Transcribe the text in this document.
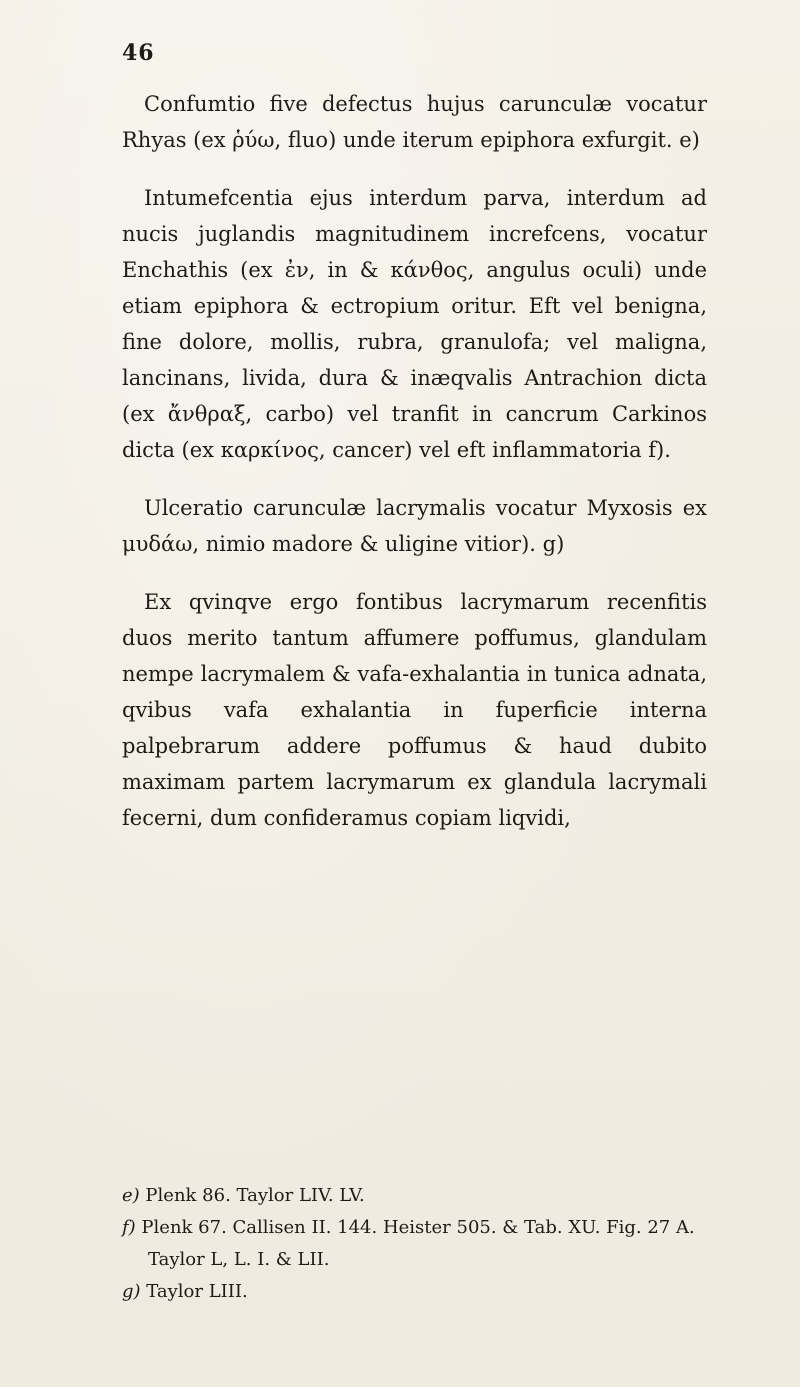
46

Confumtio five defectus hujus carunculæ vocatur Rhyas (ex ῥύω, fluo) unde iterum epiphora exfurgit. e)

Intumefcentia ejus interdum parva, interdum ad nucis juglandis magnitudinem increfcens, vocatur Enchathis (ex ἐν, in & κάνθος, angulus oculi) unde etiam epiphora & ectropium oritur. Eft vel benigna, fine dolore, mollis, rubra, granulofa; vel maligna, lancinans, livida, dura & inæqvalis Antrachion dicta (ex ἄνθραξ, carbo) vel tranfit in cancrum Carkinos dicta (ex καρκίνος, cancer) vel eft inflammatoria f).

Ulceratio carunculæ lacrymalis vocatur Myxosis ex μυδάω, nimio madore & uligine vitior). g)

Ex qvinqve ergo fontibus lacrymarum recenfitis duos merito tantum affumere poffumus, glandulam nempe lacrymalem & vafa-exhalantia in tunica adnata, qvibus vafa exhalantia in fuperficie interna palpebrarum addere poffumus & haud dubito maximam partem lacrymarum ex glandula lacrymali fecerni, dum confideramus copiam liqvidi,

e) Plenk 86. Taylor LIV. LV.

f) Plenk 67. Callisen II. 144. Heister 505. & Tab. XU. Fig. 27 A. Taylor L, L. I. & LII.

g) Taylor LIII.
